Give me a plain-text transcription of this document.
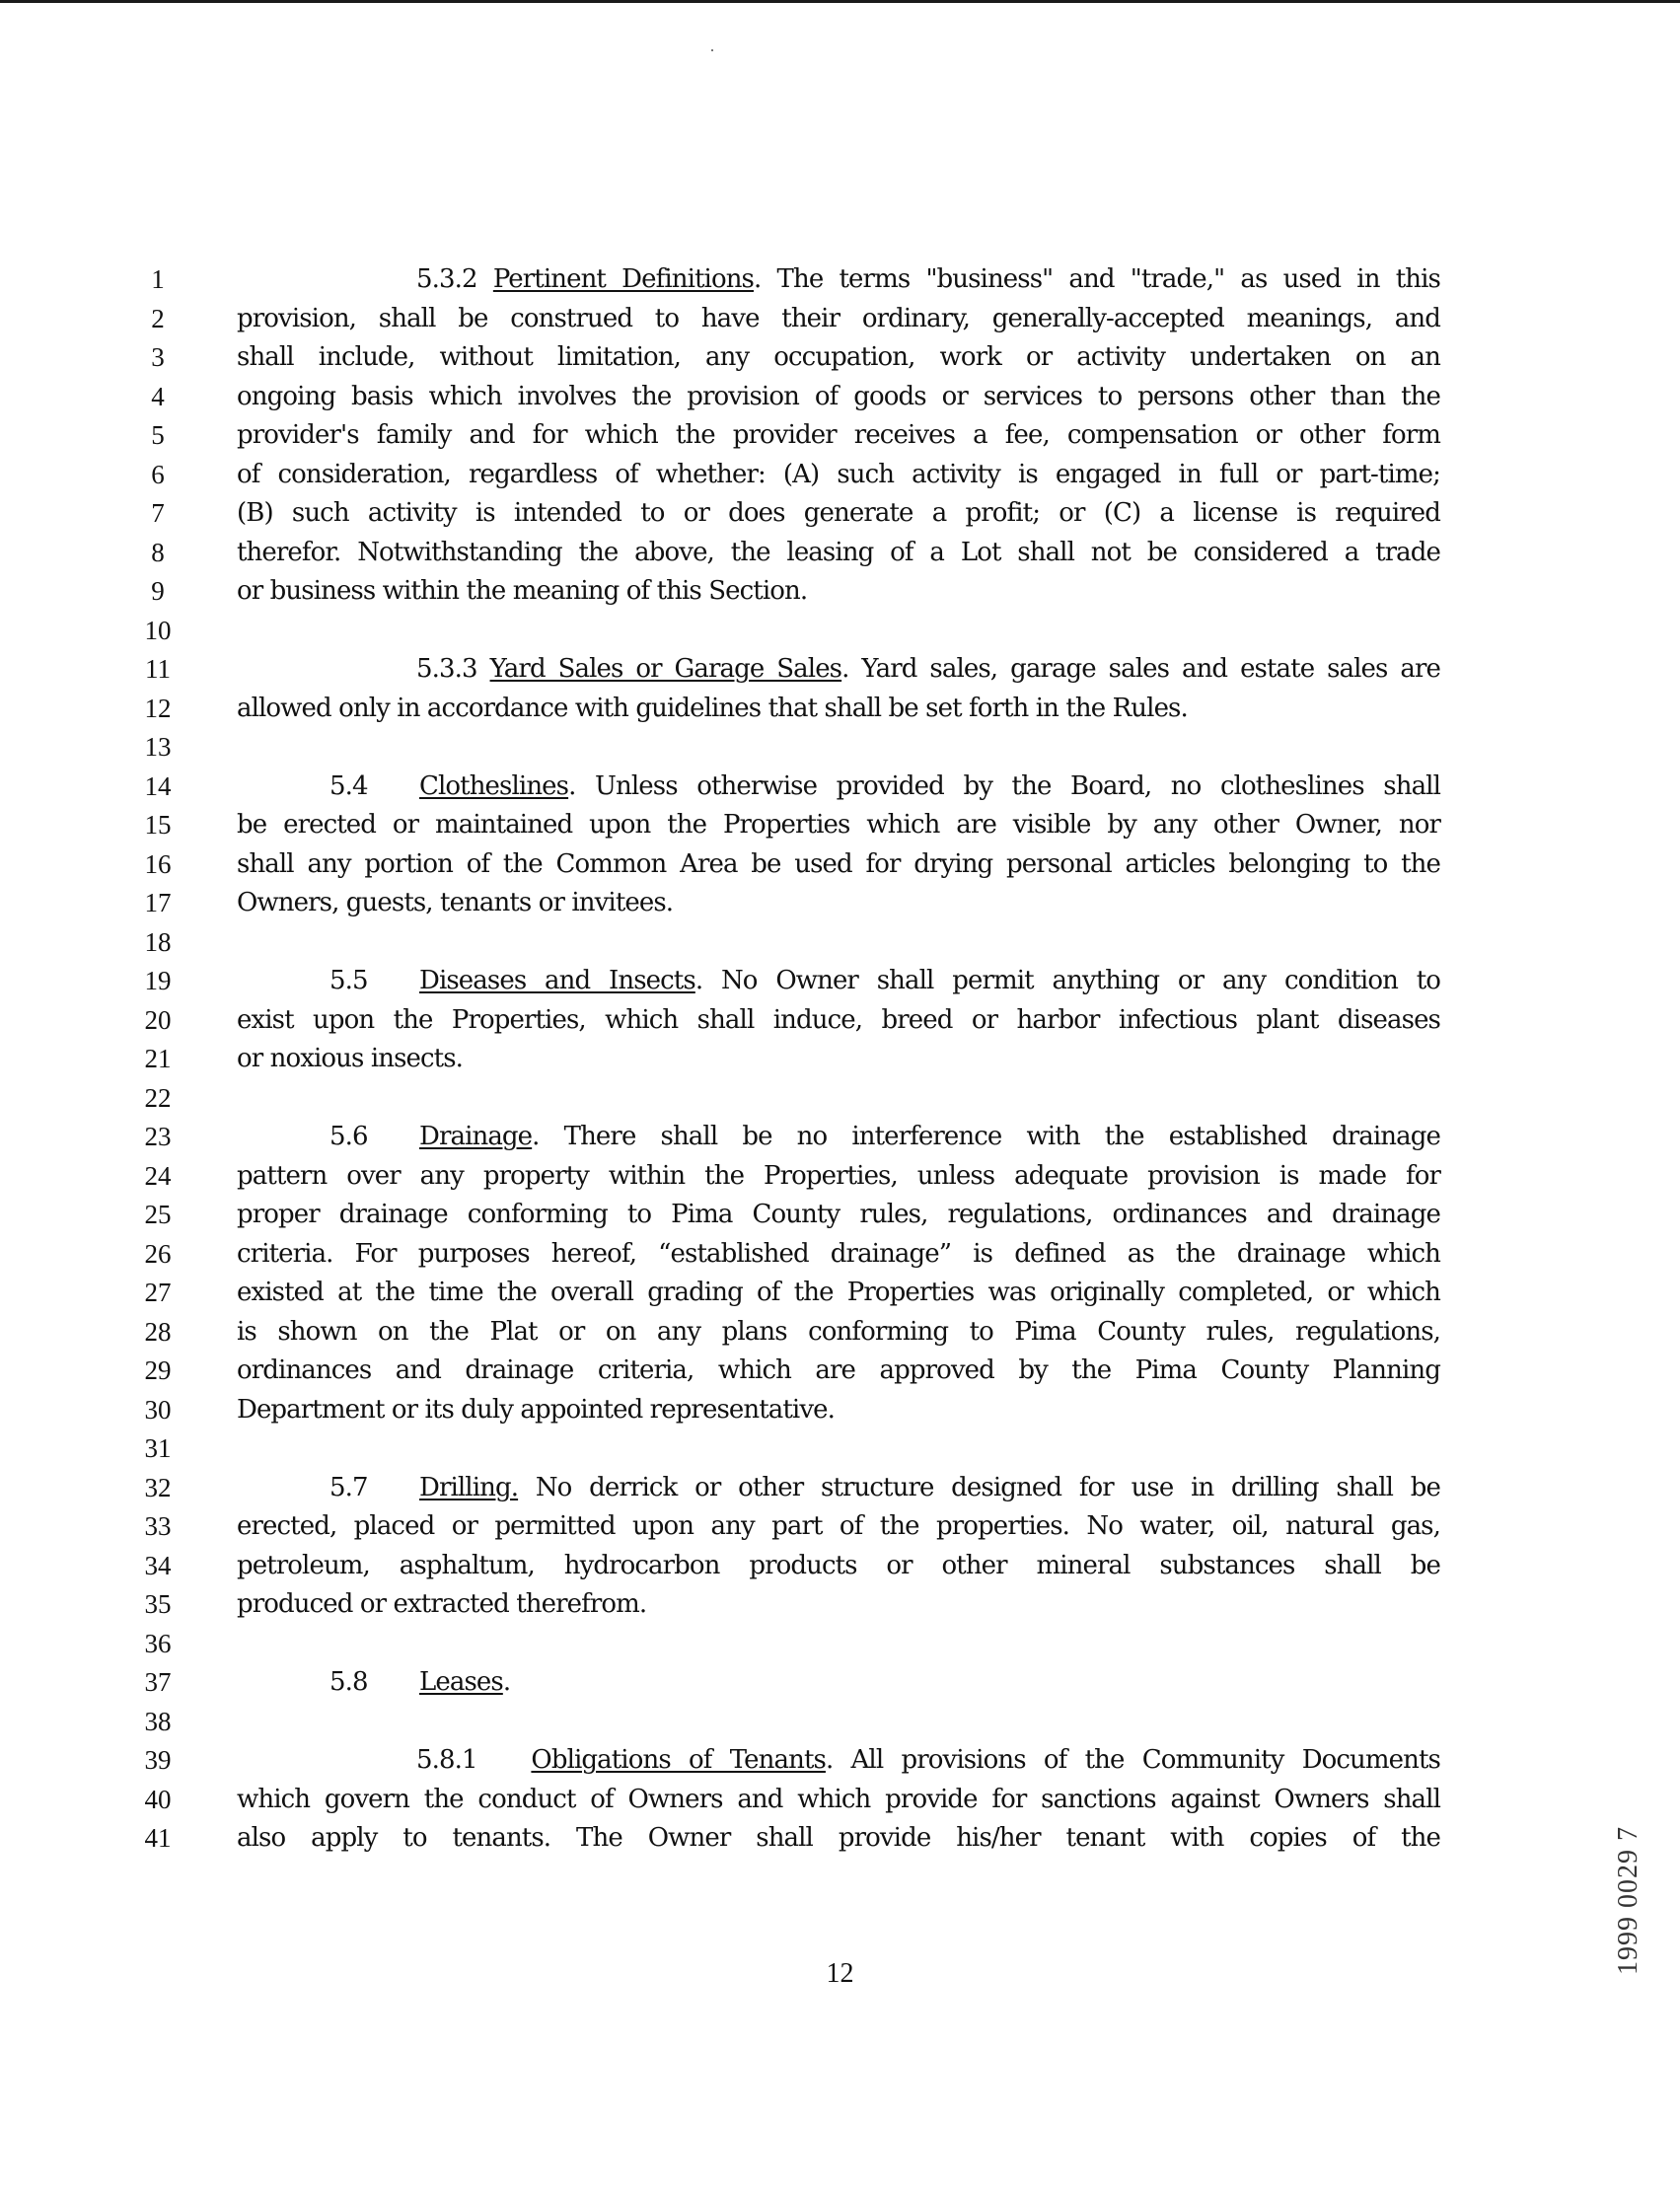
1
2
3
4
5
6
7
8
9
10
11
12
13
14
15
16
17
18
19
20
21
22
23
24
25
26
27
28
29
30
31
32
33
34
35
36
37
38
39
40
41
5.3.2 Pertinent Definitions. The terms "business" and "trade," as used in this
provision, shall be construed to have their ordinary, generally-accepted meanings, and
shall include, without limitation, any occupation, work or activity undertaken on an
ongoing basis which involves the provision of goods or services to persons other than the
provider's family and for which the provider receives a fee, compensation or other form
of consideration, regardless of whether: (A) such activity is engaged in full or part-time;
(B) such activity is intended to or does generate a profit; or (C) a license is required
therefor. Notwithstanding the above, the leasing of a Lot shall not be considered a trade
or business within the meaning of this Section.
5.3.3 Yard Sales or Garage Sales. Yard sales, garage sales and estate sales are
allowed only in accordance with guidelines that shall be set forth in the Rules.
5.4 Clotheslines. Unless otherwise provided by the Board, no clotheslines shall
be erected or maintained upon the Properties which are visible by any other Owner, nor
shall any portion of the Common Area be used for drying personal articles belonging to the
Owners, guests, tenants or invitees.
5.5 Diseases and Insects. No Owner shall permit anything or any condition to
exist upon the Properties, which shall induce, breed or harbor infectious plant diseases
or noxious insects.
5.6 Drainage. There shall be no interference with the established drainage
pattern over any property within the Properties, unless adequate provision is made for
proper drainage conforming to Pima County rules, regulations, ordinances and drainage
criteria. For purposes hereof, “established drainage” is defined as the drainage which
existed at the time the overall grading of the Properties was originally completed, or which
is shown on the Plat or on any plans conforming to Pima County rules, regulations,
ordinances and drainage criteria, which are approved by the Pima County Planning
Department or its duly appointed representative.
5.7 Drilling. No derrick or other structure designed for use in drilling shall be
erected, placed or permitted upon any part of the properties. No water, oil, natural gas,
petroleum, asphaltum, hydrocarbon products or other mineral substances shall be
produced or extracted therefrom.
5.8 Leases.
5.8.1 Obligations of Tenants. All provisions of the Community Documents
which govern the conduct of Owners and which provide for sanctions against Owners shall
also apply to tenants. The Owner shall provide his/her tenant with copies of the
12	1999 0029 7
